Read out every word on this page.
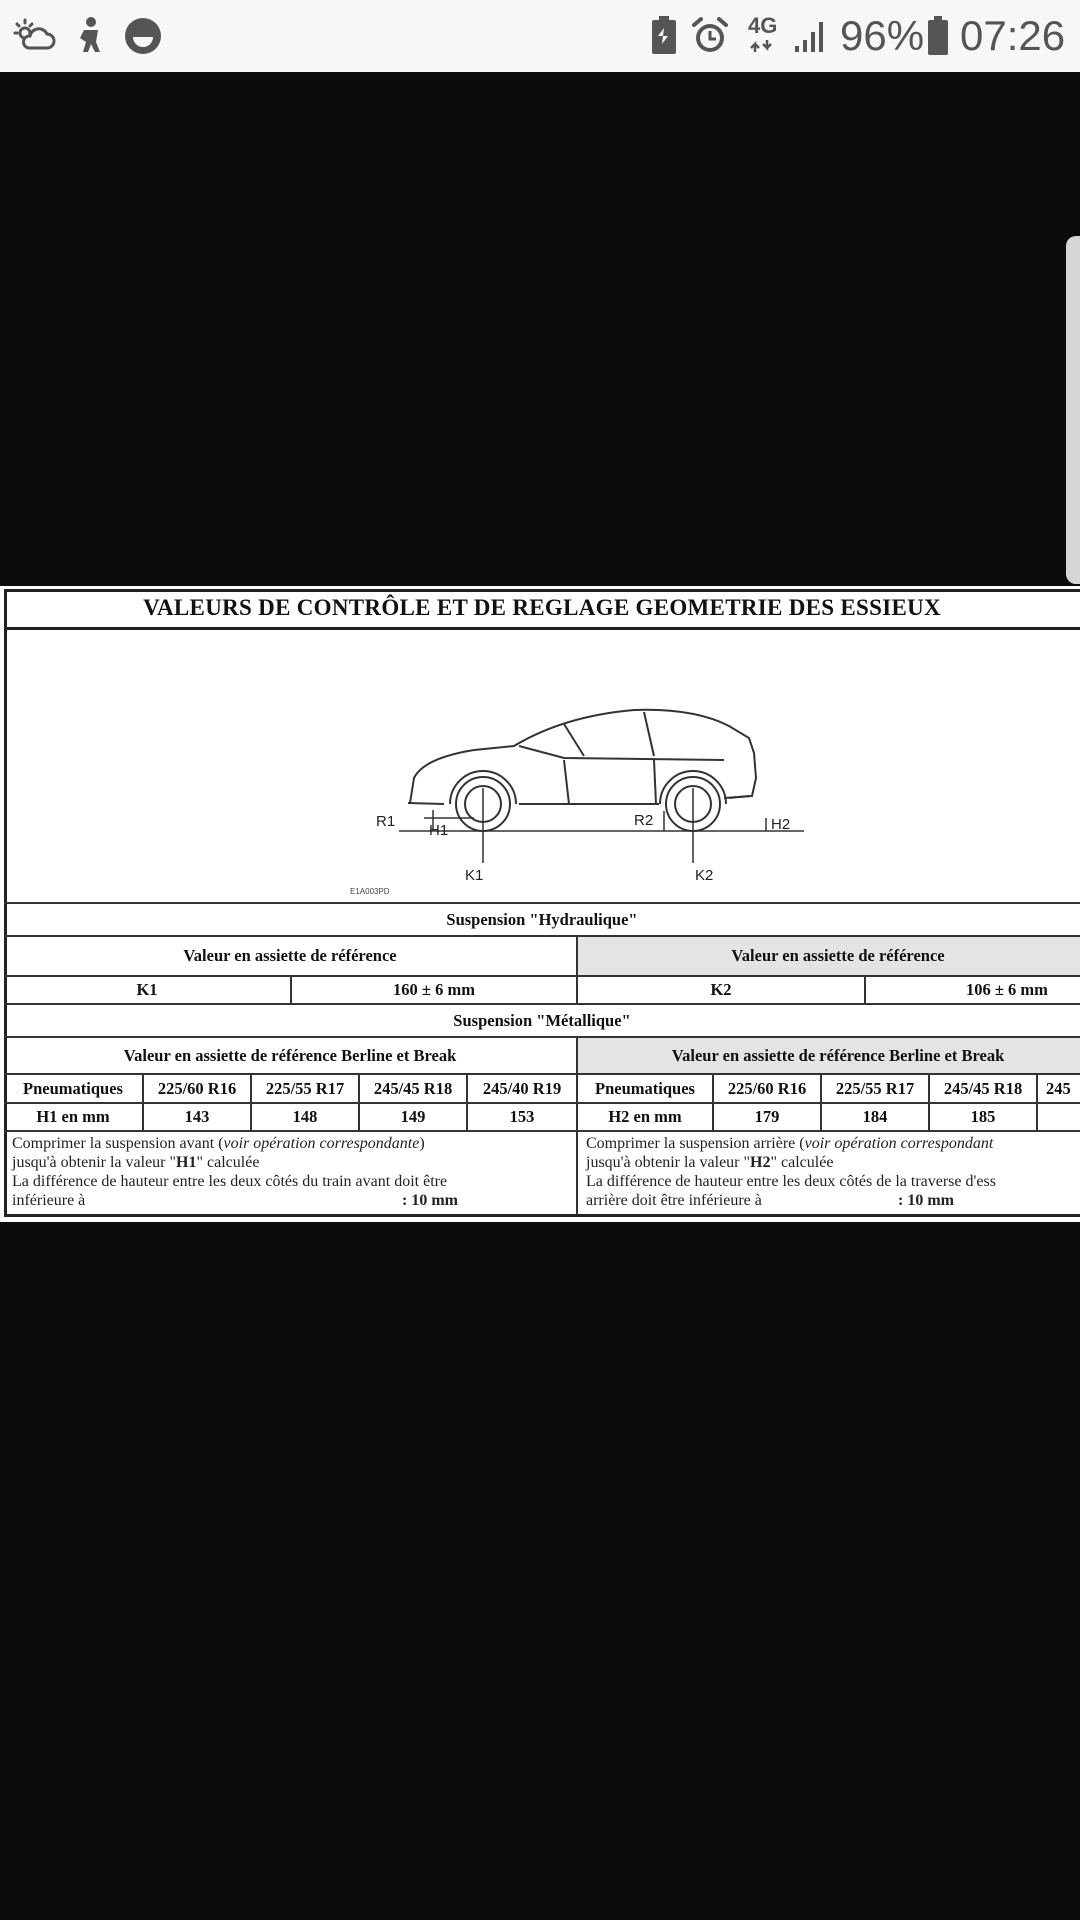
4G 96% 07:26
VALEURS DE CONTRÔLE ET DE REGLAGE GEOMETRIE DES ESSIEUX
R1
H1
K1
R2	H2
K2
E1A003PD
Suspension "Hydraulique"
Valeur en assiette de référence	Valeur en assiette de référence
K1	160 ± 6 mm	K2	106 ± 6 mm
Suspension "Métallique"
Valeur en assiette de référence Berline et Break	Valeur en assiette de référence Berline et Break
Pneumatiques	225/60 R16	225/55 R17	245/45 R18	245/40 R19	Pneumatiques	225/60 R16	225/55 R17	245/45 R18	245
H1 en mm	143	148	149	153	H2 en mm	179	184	185
Comprimer la suspension avant (voir opération correspondante)
jusqu'à obtenir la valeur "H1" calculée
La différence de hauteur entre les deux côtés du train avant doit être
inférieure à	: 10 mm
Comprimer la suspension arrière (voir opération correspondant
jusqu'à obtenir la valeur "H2" calculée
La différence de hauteur entre les deux côtés de la traverse d'ess
arrière doit être inférieure à	: 10 mm
